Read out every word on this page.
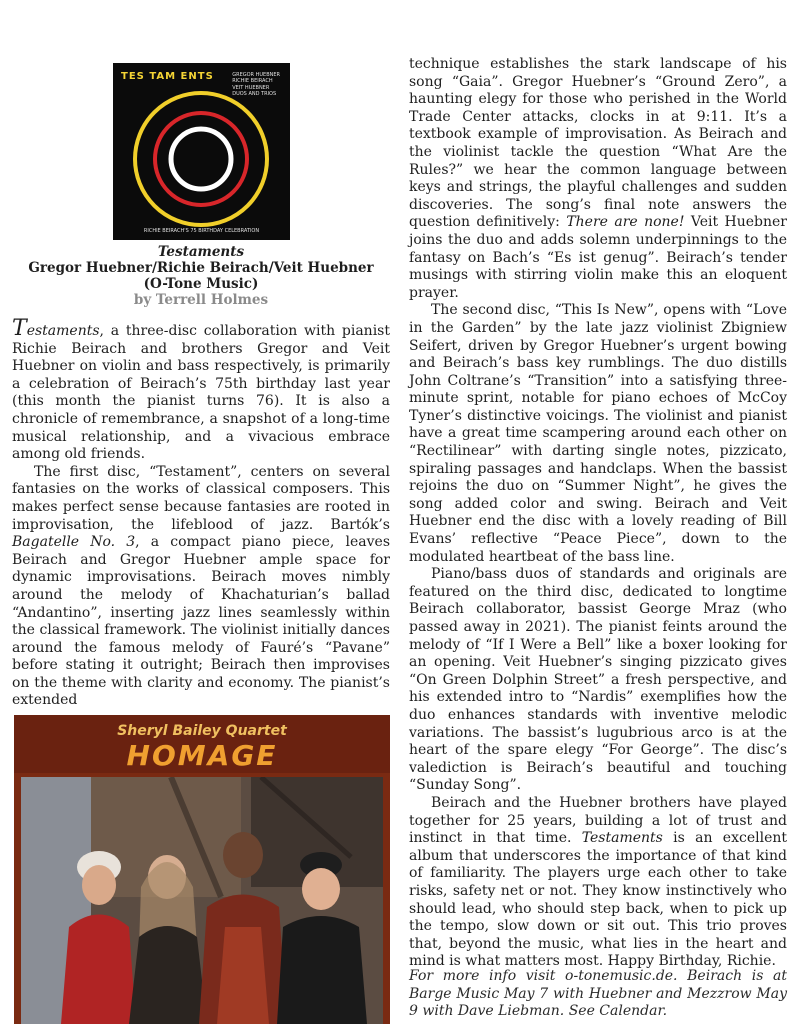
TES TAM ENTS	GREGOR HUEBNER
RICHIE BEIRACH
VEIT HUEBNER
DUOS AND TRIOS
RICHIE BEIRACH'S 75 BIRTHDAY CELEBRATION
Testaments
Gregor Huebner/Richie Beirach/Veit Huebner
(O-Tone Music)
by Terrell Holmes

Testaments, a three-disc collaboration with pianist Richie Beirach and brothers Gregor and Veit Huebner on violin and bass respectively, is primarily a celebration of Beirach’s 75th birthday last year (this month the pianist turns 76). It is also a chronicle of remembrance, a snapshot of a long-time musical relationship, and a vivacious embrace among old friends.

The first disc, “Testament”, centers on several fantasies on the works of classical composers. This makes perfect sense because fantasies are rooted in improvisation, the lifeblood of jazz. Bartók’s Bagatelle No. 3, a compact piano piece, leaves Beirach and Gregor Huebner ample space for dynamic improvisations. Beirach moves nimbly around the melody of Khachaturian’s ballad “Andantino”, inserting jazz lines seamlessly within the classical framework. The violinist initially dances around the famous melody of Fauré’s “Pavane” before stating it outright; Beirach then improvises on the theme with clarity and economy. The pianist’s extended

Sheryl Bailey Quartet
HOMAGE

technique establishes the stark landscape of his song “Gaia”. Gregor Huebner’s “Ground Zero”, a haunting elegy for those who perished in the World Trade Center attacks, clocks in at 9:11. It’s a textbook example of improvisation. As Beirach and the violinist tackle the question “What Are the Rules?” we hear the common language between keys and strings, the playful challenges and sudden discoveries. The song’s final note answers the question definitively: There are none! Veit Huebner joins the duo and adds solemn underpinnings to the fantasy on Bach’s “Es ist genug”. Beirach’s tender musings with stirring violin make this an eloquent prayer.

The second disc, “This Is New”, opens with “Love in the Garden” by the late jazz violinist Zbigniew Seifert, driven by Gregor Huebner’s urgent bowing and Beirach’s bass key rumblings. The duo distills John Coltrane’s “Transition” into a satisfying three-minute sprint, notable for piano echoes of McCoy Tyner’s distinctive voicings. The violinist and pianist have a great time scampering around each other on “Rectilinear” with darting single notes, pizzicato, spiraling passages and handclaps. When the bassist rejoins the duo on “Summer Night”, he gives the song added color and swing. Beirach and Veit Huebner end the disc with a lovely reading of Bill Evans’ reflective “Peace Piece”, down to the modulated heartbeat of the bass line.

Piano/bass duos of standards and originals are featured on the third disc, dedicated to longtime Beirach collaborator, bassist George Mraz (who passed away in 2021). The pianist feints around the melody of “If I Were a Bell” like a boxer looking for an opening. Veit Huebner’s singing pizzicato gives “On Green Dolphin Street” a fresh perspective, and his extended intro to “Nardis” exemplifies how the duo enhances standards with inventive melodic variations. The bassist’s lugubrious arco is at the heart of the spare elegy “For George”. The disc’s valediction is Beirach’s beautiful and touching “Sunday Song”.

Beirach and the Huebner brothers have played together for 25 years, building a lot of trust and instinct in that time. Testaments is an excellent album that underscores the importance of that kind of familiarity. The players urge each other to take risks, safety net or not. They know instinctively who should lead, who should step back, when to pick up the tempo, slow down or sit out. This trio proves that, beyond the music, what lies in the heart and mind is what matters most. Happy Birthday, Richie.

For more info visit o-tonemusic.de. Beirach is at Barge Music May 7 with Huebner and Mezzrow May 9 with Dave Liebman. See Calendar.
